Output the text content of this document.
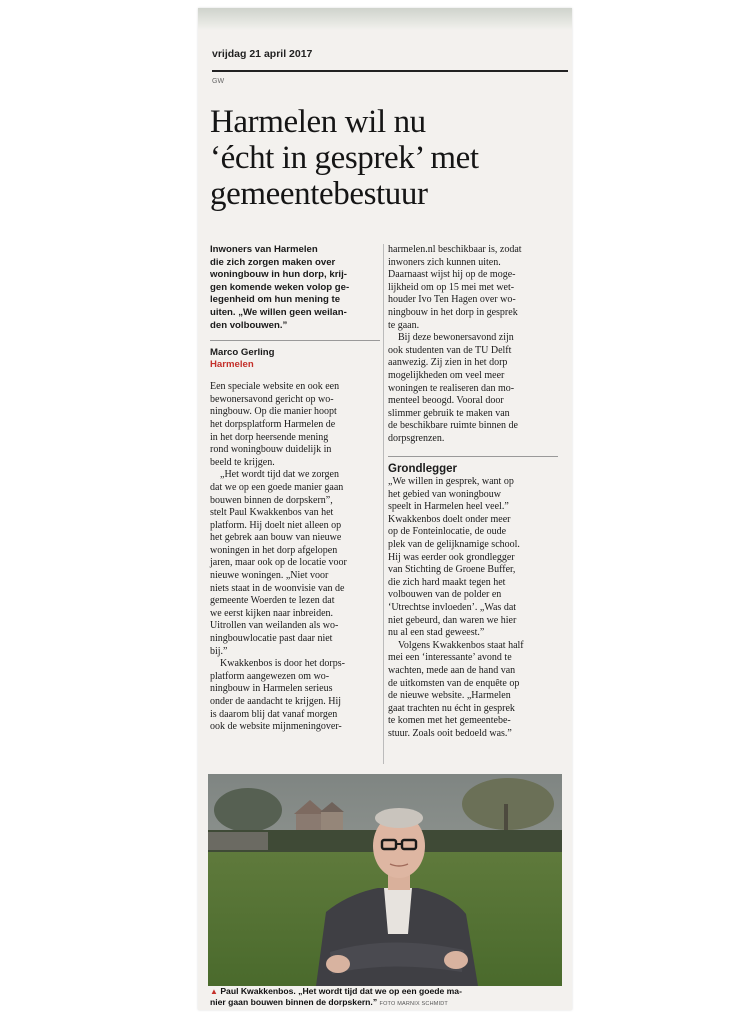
vrijdag 21 april 2017
GW
Harmelen wil nu
‘écht in gesprek’ met
gemeentebestuur

Inwoners van Harmelen
die zich zorgen maken over
woningbouw in hun dorp, krij-
gen komende weken volop ge-
legenheid om hun mening te
uiten. „We willen geen weilan-
den volbouwen.”

Marco Gerling

Harmelen

Een speciale website en ook een
bewonersavond gericht op wo-
ningbouw. Op die manier hoopt
het dorpsplatform Harmelen de
in het dorp heersende mening
rond woningbouw duidelijk in
beeld te krijgen.

„Het wordt tijd dat we zorgen
dat we op een goede manier gaan
bouwen binnen de dorpskern”,
stelt Paul Kwakkenbos van het
platform. Hij doelt niet alleen op
het gebrek aan bouw van nieuwe
woningen in het dorp afgelopen
jaren, maar ook op de locatie voor
nieuwe woningen. „Niet voor
niets staat in de woonvisie van de
gemeente Woerden te lezen dat
we eerst kijken naar inbreiden.
Uitrollen van weilanden als wo-
ningbouwlocatie past daar niet
bij.”

Kwakkenbos is door het dorps-
platform aangewezen om wo-
ningbouw in Harmelen serieus
onder de aandacht te krijgen. Hij
is daarom blij dat vanaf morgen
ook de website mijnmeningover-

harmelen.nl beschikbaar is, zodat
inwoners zich kunnen uiten.
Daarnaast wijst hij op de moge-
lijkheid om op 15 mei met wet-
houder Ivo Ten Hagen over wo-
ningbouw in het dorp in gesprek
te gaan.

Bij deze bewonersavond zijn
ook studenten van de TU Delft
aanwezig. Zij zien in het dorp
mogelijkheden om veel meer
woningen te realiseren dan mo-
menteel beoogd. Vooral door
slimmer gebruik te maken van
de beschikbare ruimte binnen de
dorpsgrenzen.

Grondlegger

„We willen in gesprek, want op
het gebied van woningbouw
speelt in Harmelen heel veel.”
Kwakkenbos doelt onder meer
op de Fonteinlocatie, de oude
plek van de gelijknamige school.
Hij was eerder ook grondlegger
van Stichting de Groene Buffer,
die zich hard maakt tegen het
volbouwen van de polder en
‘Utrechtse invloeden’. „Was dat
niet gebeurd, dan waren we hier
nu al een stad geweest.”

Volgens Kwakkenbos staat half
mei een ‘interessante’ avond te
wachten, mede aan de hand van
de uitkomsten van de enquête op
de nieuwe website. „Harmelen
gaat trachten nu écht in gesprek
te komen met het gemeentebe-
stuur. Zoals ooit bedoeld was.”

▲ Paul Kwakkenbos. „Het wordt tijd dat we op een goede ma-
nier gaan bouwen binnen de dorpskern.” FOTO MARNIX SCHMIDT
